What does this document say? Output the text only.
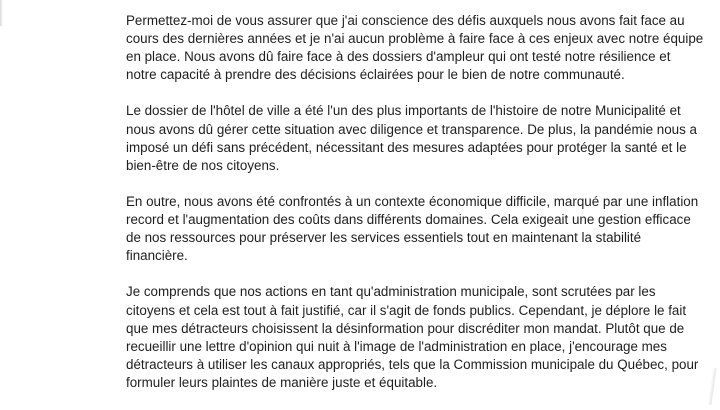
Permettez-moi de vous assurer que j'ai conscience des défis auxquels nous avons fait face au cours des dernières années et je n'ai aucun problème à faire face à ces enjeux avec notre équipe en place. Nous avons dû faire face à des dossiers d'ampleur qui ont testé notre résilience et notre capacité à prendre des décisions éclairées pour le bien de notre communauté.

Le dossier de l'hôtel de ville a été l'un des plus importants de l'histoire de notre Municipalité et nous avons dû gérer cette situation avec diligence et transparence. De plus, la pandémie nous a imposé un défi sans précédent, nécessitant des mesures adaptées pour protéger la santé et le bien-être de nos citoyens.

En outre, nous avons été confrontés à un contexte économique difficile, marqué par une inflation record et l'augmentation des coûts dans différents domaines. Cela exigeait une gestion efficace de nos ressources pour préserver les services essentiels tout en maintenant la stabilité financière.

Je comprends que nos actions en tant qu'administration municipale, sont scrutées par les citoyens et cela est tout à fait justifié, car il s'agit de fonds publics. Cependant, je déplore le fait que mes détracteurs choisissent la désinformation pour discréditer mon mandat. Plutôt que de recueillir une lettre d'opinion qui nuit à l'image de l'administration en place, j'encourage mes détracteurs à utiliser les canaux appropriés, tels que la Commission municipale du Québec, pour formuler leurs plaintes de manière juste et équitable.
